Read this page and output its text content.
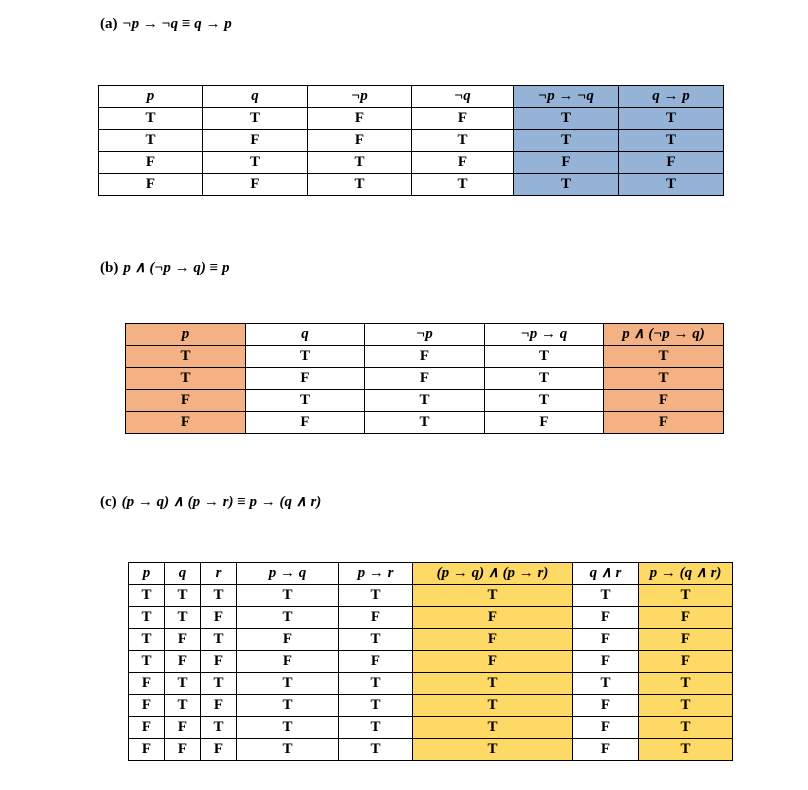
(a) ¬p → ¬q ≡ q → p
p	q	¬p	¬q	¬p → ¬q	q → p
T	T	F	F	T	T
T	F	F	T	T	T
F	T	T	F	F	F
F	F	T	T	T	T
(b) p ∧ (¬p → q) ≡ p
p	q	¬p	¬p → q	p ∧ (¬p → q)
T	T	F	T	T
T	F	F	T	T
F	T	T	T	F
F	F	T	F	F
(c) (p → q) ∧ (p → r) ≡ p → (q ∧ r)
p	q	r	p → q	p → r	(p → q) ∧ (p → r)	q ∧ r	p → (q ∧ r)
T	T	T	T	T	T	T	T
T	T	F	T	F	F	F	F
T	F	T	F	T	F	F	F
T	F	F	F	F	F	F	F
F	T	T	T	T	T	T	T
F	T	F	T	T	T	F	T
F	F	T	T	T	T	F	T
F	F	F	T	T	T	F	T
